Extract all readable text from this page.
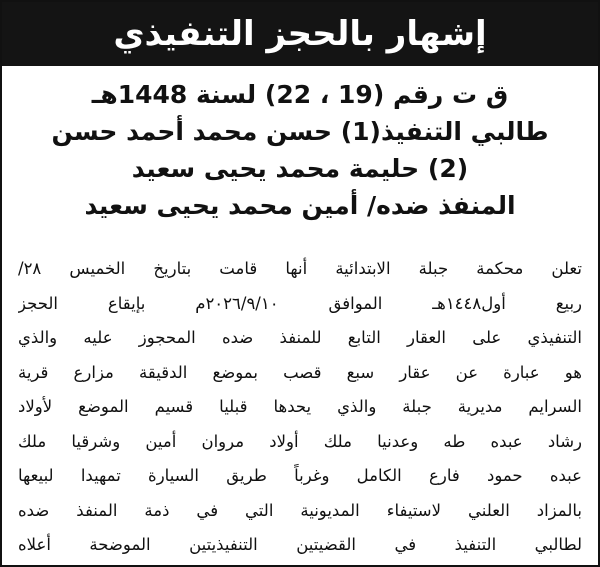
إشهار بالحجز التنفيذي
ق ت رقم (19 ، 22) لسنة 1448هـ
طالبي التنفيذ(1) حسن محمد أحمد حسن
(2) حليمة محمد يحيى سعيد
المنفذ ضده/ أمين محمد يحيى سعيد
تعلن محكمة جبلة الابتدائية أنها قامت بتاريخ الخميس ٢٨/
ربيع أول١٤٤٨هـ الموافق ٢٠٢٦/٩/١٠م بإيقاع الحجز
التنفيذي على العقار التابع للمنفذ ضده المحجوز عليه والذي
هو عبارة عن عقار سبع قصب بموضع الدقيقة مزارع قرية
السرايم مديرية جبلة والذي يحدها قبليا قسيم الموضع لأولاد
رشاد عبده طه وعدنيا ملك أولاد مروان أمين وشرقيا ملك
عبده حمود فارع الكامل وغرباً طريق السيارة تمهيدا لبيعها
بالمزاد العلني لاستيفاء المديونية التي في ذمة المنفذ ضده
لطالبي التنفيذ في القضيتين التنفيذيتين الموضحة أعلاه
